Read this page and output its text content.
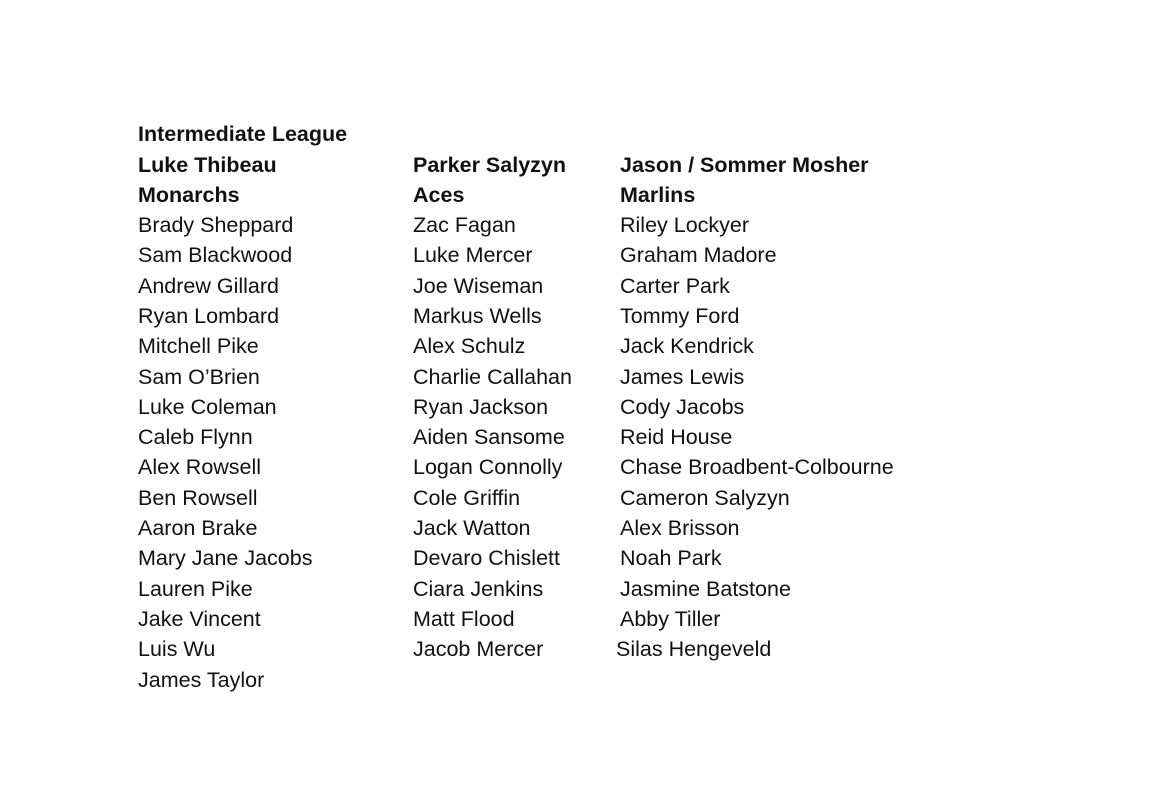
Intermediate League
Luke Thibeau
Monarchs
Brady Sheppard
Sam Blackwood
Andrew Gillard
Ryan Lombard
Mitchell Pike
Sam O’Brien
Luke Coleman
Caleb Flynn
Alex Rowsell
Ben Rowsell
Aaron Brake
Mary Jane Jacobs
Lauren Pike
Jake Vincent
Luis Wu
James Taylor
Parker Salyzyn
Aces
Zac Fagan
Luke Mercer
Joe Wiseman
Markus Wells
Alex Schulz
Charlie Callahan
Ryan Jackson
Aiden Sansome
Logan Connolly
Cole Griffin
Jack Watton
Devaro Chislett
Ciara Jenkins
Matt Flood
Jacob Mercer
Jason / Sommer Mosher
Marlins
Riley Lockyer
Graham Madore
Carter Park
Tommy Ford
Jack Kendrick
James Lewis
Cody Jacobs
Reid House
Chase Broadbent-Colbourne
Cameron Salyzyn
Alex Brisson
Noah Park
Jasmine Batstone
Abby Tiller
Silas Hengeveld
